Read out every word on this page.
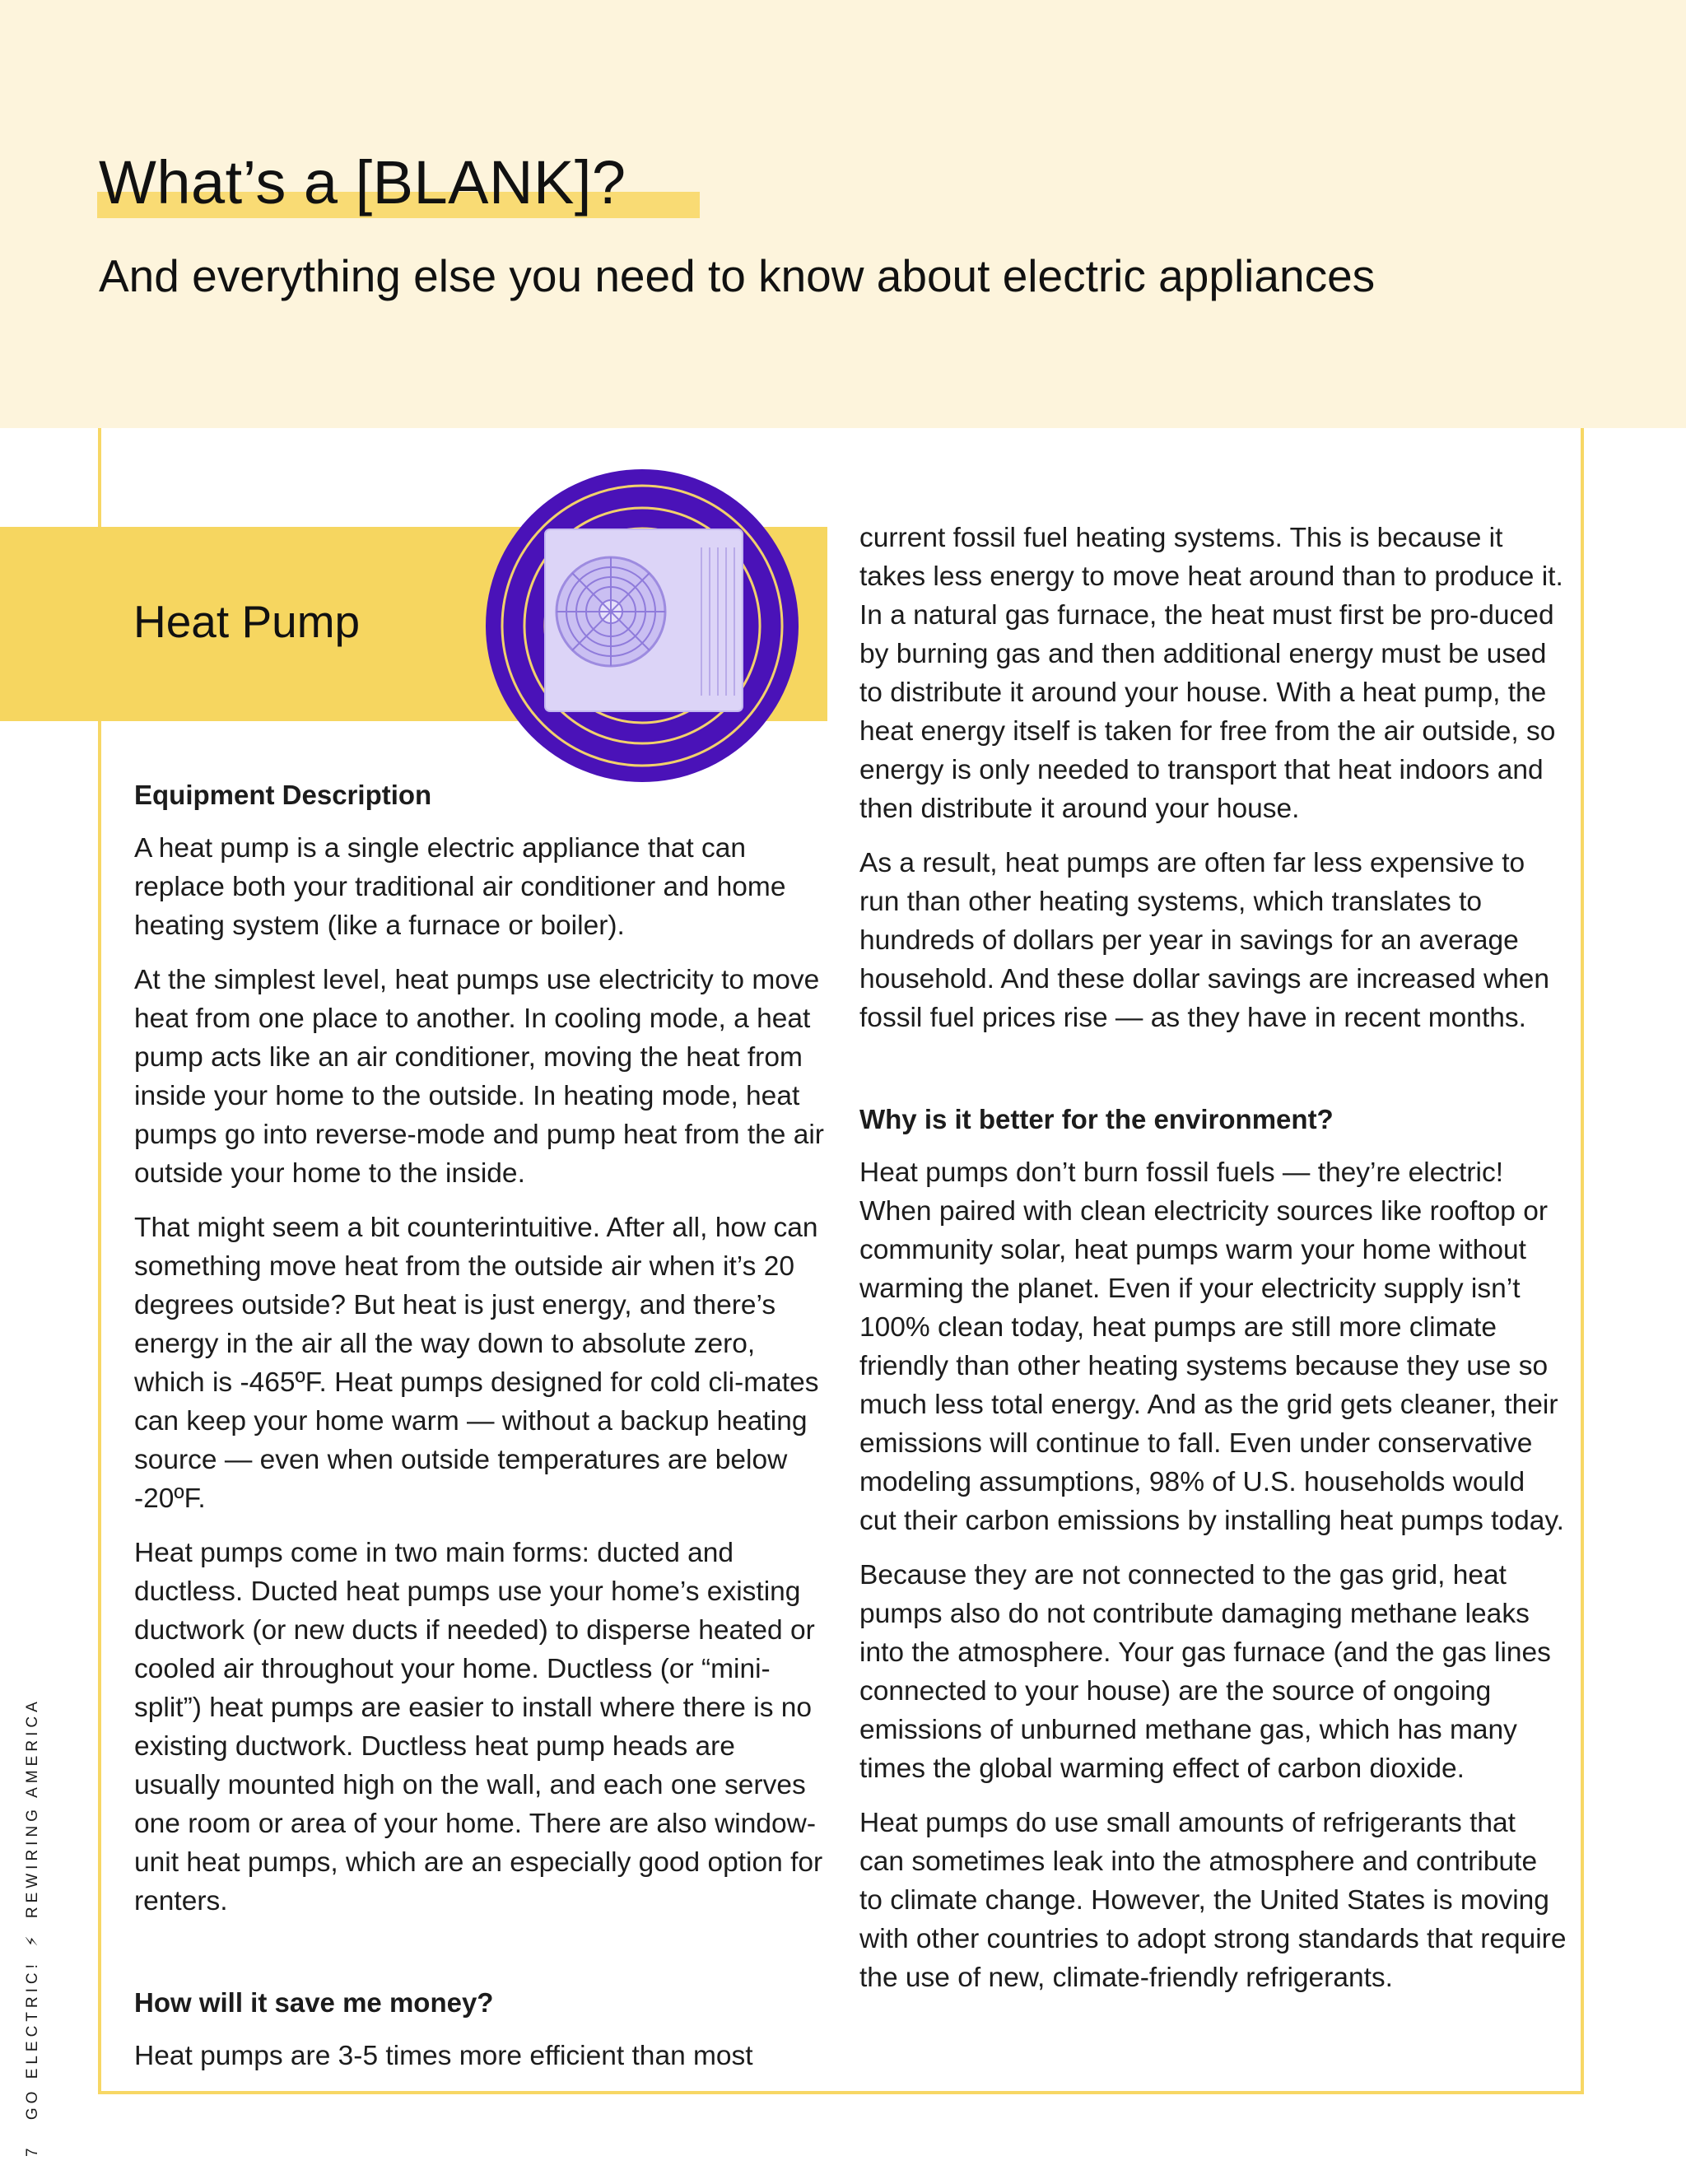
What’s a [BLANK]?
And everything else you need to know about electric appliances
Heat Pump
Equipment Description

A heat pump is a single electric appliance that can replace both your traditional air conditioner and home heating system (like a furnace or boiler).

At the simplest level, heat pumps use electricity to move heat from one place to another. In cooling mode, a heat pump acts like an air conditioner, moving the heat from inside your home to the outside. In heating mode, heat pumps go into reverse-mode and pump heat from the air outside your home to the inside.

That might seem a bit counterintuitive. After all, how can something move heat from the outside air when it’s 20 degrees outside? But heat is just energy, and there’s energy in the air all the way down to absolute zero, which is -465ºF. Heat pumps designed for cold cli-mates can keep your home warm — without a backup heating source — even when outside temperatures are below -20ºF.

Heat pumps come in two main forms: ducted and ductless. Ducted heat pumps use your home’s existing ductwork (or new ducts if needed) to disperse heated or cooled air throughout your home. Ductless (or “mini-split”) heat pumps are easier to install where there is no existing ductwork. Ductless heat pump heads are usually mounted high on the wall, and each one serves one room or area of your home. There are also window-unit heat pumps, which are an especially good option for renters.

How will it save me money?

Heat pumps are 3-5 times more efficient than most

current fossil fuel heating systems. This is because it takes less energy to move heat around than to produce it. In a natural gas furnace, the heat must first be pro-duced by burning gas and then additional energy must be used to distribute it around your house. With a heat pump, the heat energy itself is taken for free from the air outside, so energy is only needed to transport that heat indoors and then distribute it around your house.

As a result, heat pumps are often far less expensive to run than other heating systems, which translates to hundreds of dollars per year in savings for an average household. And these dollar savings are increased when fossil fuel prices rise — as they have in recent months.

Why is it better for the environment?

Heat pumps don’t burn fossil fuels — they’re electric! When paired with clean electricity sources like rooftop or community solar, heat pumps warm your home without warming the planet. Even if your electricity supply isn’t 100% clean today, heat pumps are still more climate friendly than other heating systems because they use so much less total energy. And as the grid gets cleaner, their emissions will continue to fall. Even under conservative modeling assumptions, 98% of U.S. households would cut their carbon emissions by installing heat pumps today.

Because they are not connected to the gas grid, heat pumps also do not contribute damaging methane leaks into the atmosphere. Your gas furnace (and the gas lines connected to your house) are the source of ongoing emissions of unburned methane gas, which has many times the global warming effect of carbon dioxide.

Heat pumps do use small amounts of refrigerants that can sometimes leak into the atmosphere and contribute to climate change. However, the United States is moving with other countries to adopt strong standards that require the use of new, climate-friendly refrigerants.

7 GO ELECTRIC! ⚡ REWIRING AMERICA
